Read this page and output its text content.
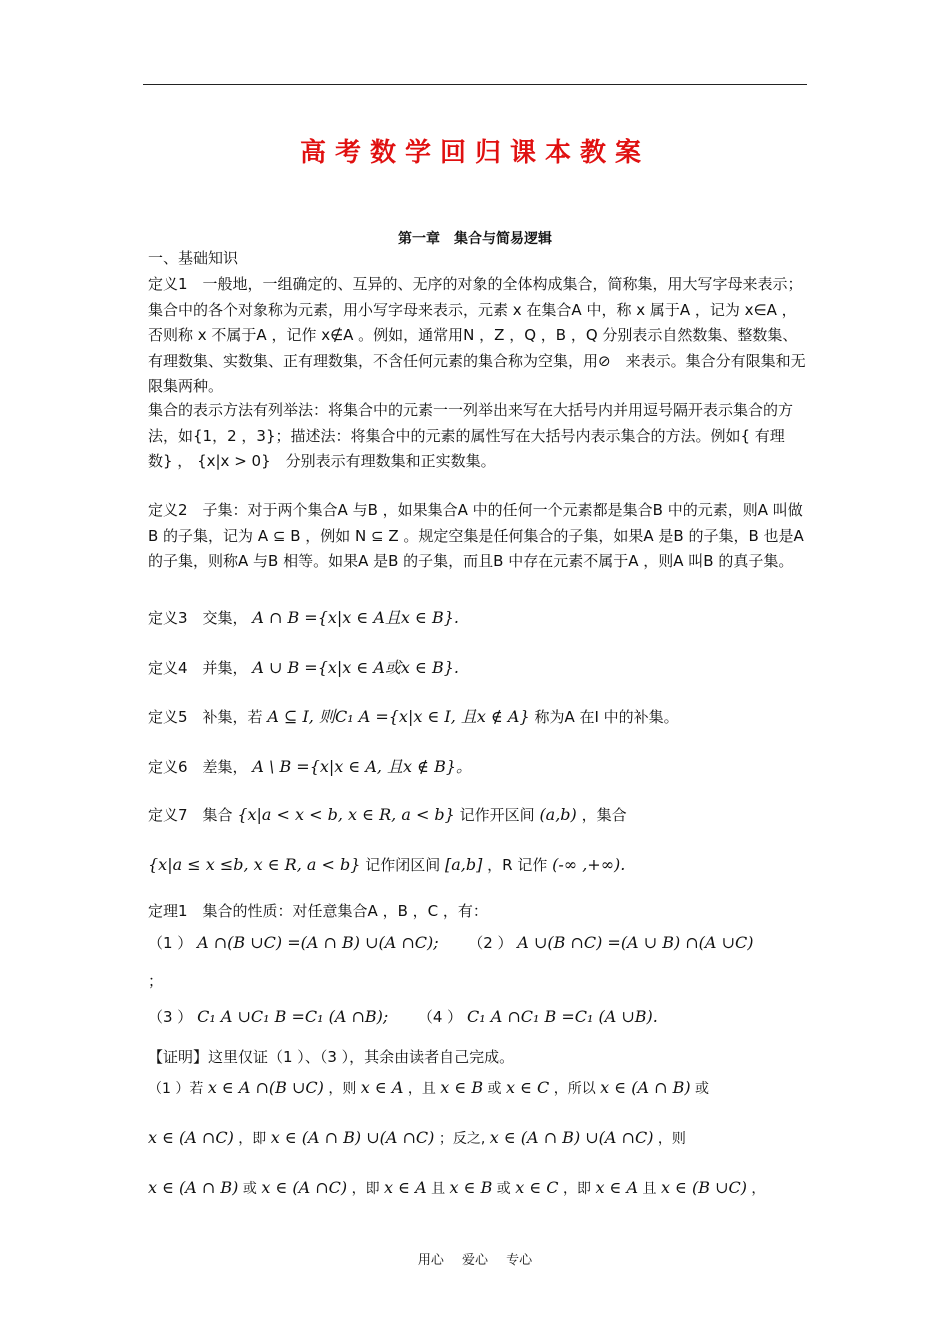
高考数学回归课本教案
第一章　集合与简易逻辑
一、基础知识
定义1　一般地，一组确定的、互异的、无序的对象的全体构成集合，简称集，用大写字母来表示；集合中的各个对象称为元素，用小写字母来表示，元素 x 在集合A 中，称 x 属于A ，记为 x∈A ，否则称 x 不属于A ，记作 x∉A 。例如，通常用N ，Z ，Q ，B ，Q 分别表示自然数集、整数集、有理数集、实数集、正有理数集，不含任何元素的集合称为空集，用⊘　来表示。集合分有限集和无限集两种。
集合的表示方法有列举法：将集合中的元素一一列举出来写在大括号内并用逗号隔开表示集合的方法，如{1，2 ，3}；描述法：将集合中的元素的属性写在大括号内表示集合的方法。例如{ 有理数} ， {x|x > 0}　分别表示有理数集和正实数集。
定义2　子集：对于两个集合A 与B ，如果集合A 中的任何一个元素都是集合B 中的元素，则A 叫做B 的子集，记为 A ⊆ B ，例如 N ⊆ Z 。规定空集是任何集合的子集，如果A 是B 的子集，B 也是A 的子集，则称A 与B 相等。如果A 是B 的子集，而且B 中存在元素不属于A ，则A 叫B 的真子集。
定义3　交集， A ∩ B ={x|x ∈ A且x ∈ B}.
定义4　并集， A ∪ B ={x|x ∈ A或x ∈ B}.
定义5　补集，若 A ⊆ I, 则C₁ A ={x|x ∈ I, 且x ∉ A} 称为A 在I 中的补集。
定义6　差集， A \ B ={x|x ∈ A, 且x ∉ B}。
定义7　集合 {x|a < x < b, x ∈ R, a < b} 记作开区间 (a,b) ，集合
{x|a ≤ x ≤b, x ∈ R, a < b} 记作闭区间 [a,b] ，R 记作 (-∞ ,+∞).
定理1　集合的性质：对任意集合A ，B ，C ，有：
（1 ） A ∩(B ∪C) =(A ∩ B) ∪(A ∩C); （2 ） A ∪(B ∩C) =(A ∪ B) ∩(A ∪C)
；
（3 ） C₁ A ∪C₁ B =C₁ (A ∩B); （4 ） C₁ A ∩C₁ B =C₁ (A ∪B).
【证明】这里仅证（1 ）、（3 ），其余由读者自己完成。
（1 ）若 x ∈ A ∩(B ∪C) ，则 x ∈ A ，且 x ∈ B 或 x ∈ C ，所以 x ∈ (A ∩ B) 或
x ∈ (A ∩C) ，即 x ∈ (A ∩ B) ∪(A ∩C) ；反之, x ∈ (A ∩ B) ∪(A ∩C) ，则
x ∈ (A ∩ B) 或 x ∈ (A ∩C) ，即 x ∈ A 且 x ∈ B 或 x ∈ C ，即 x ∈ A 且 x ∈ (B ∪C) ，
用心 爱心 专心
